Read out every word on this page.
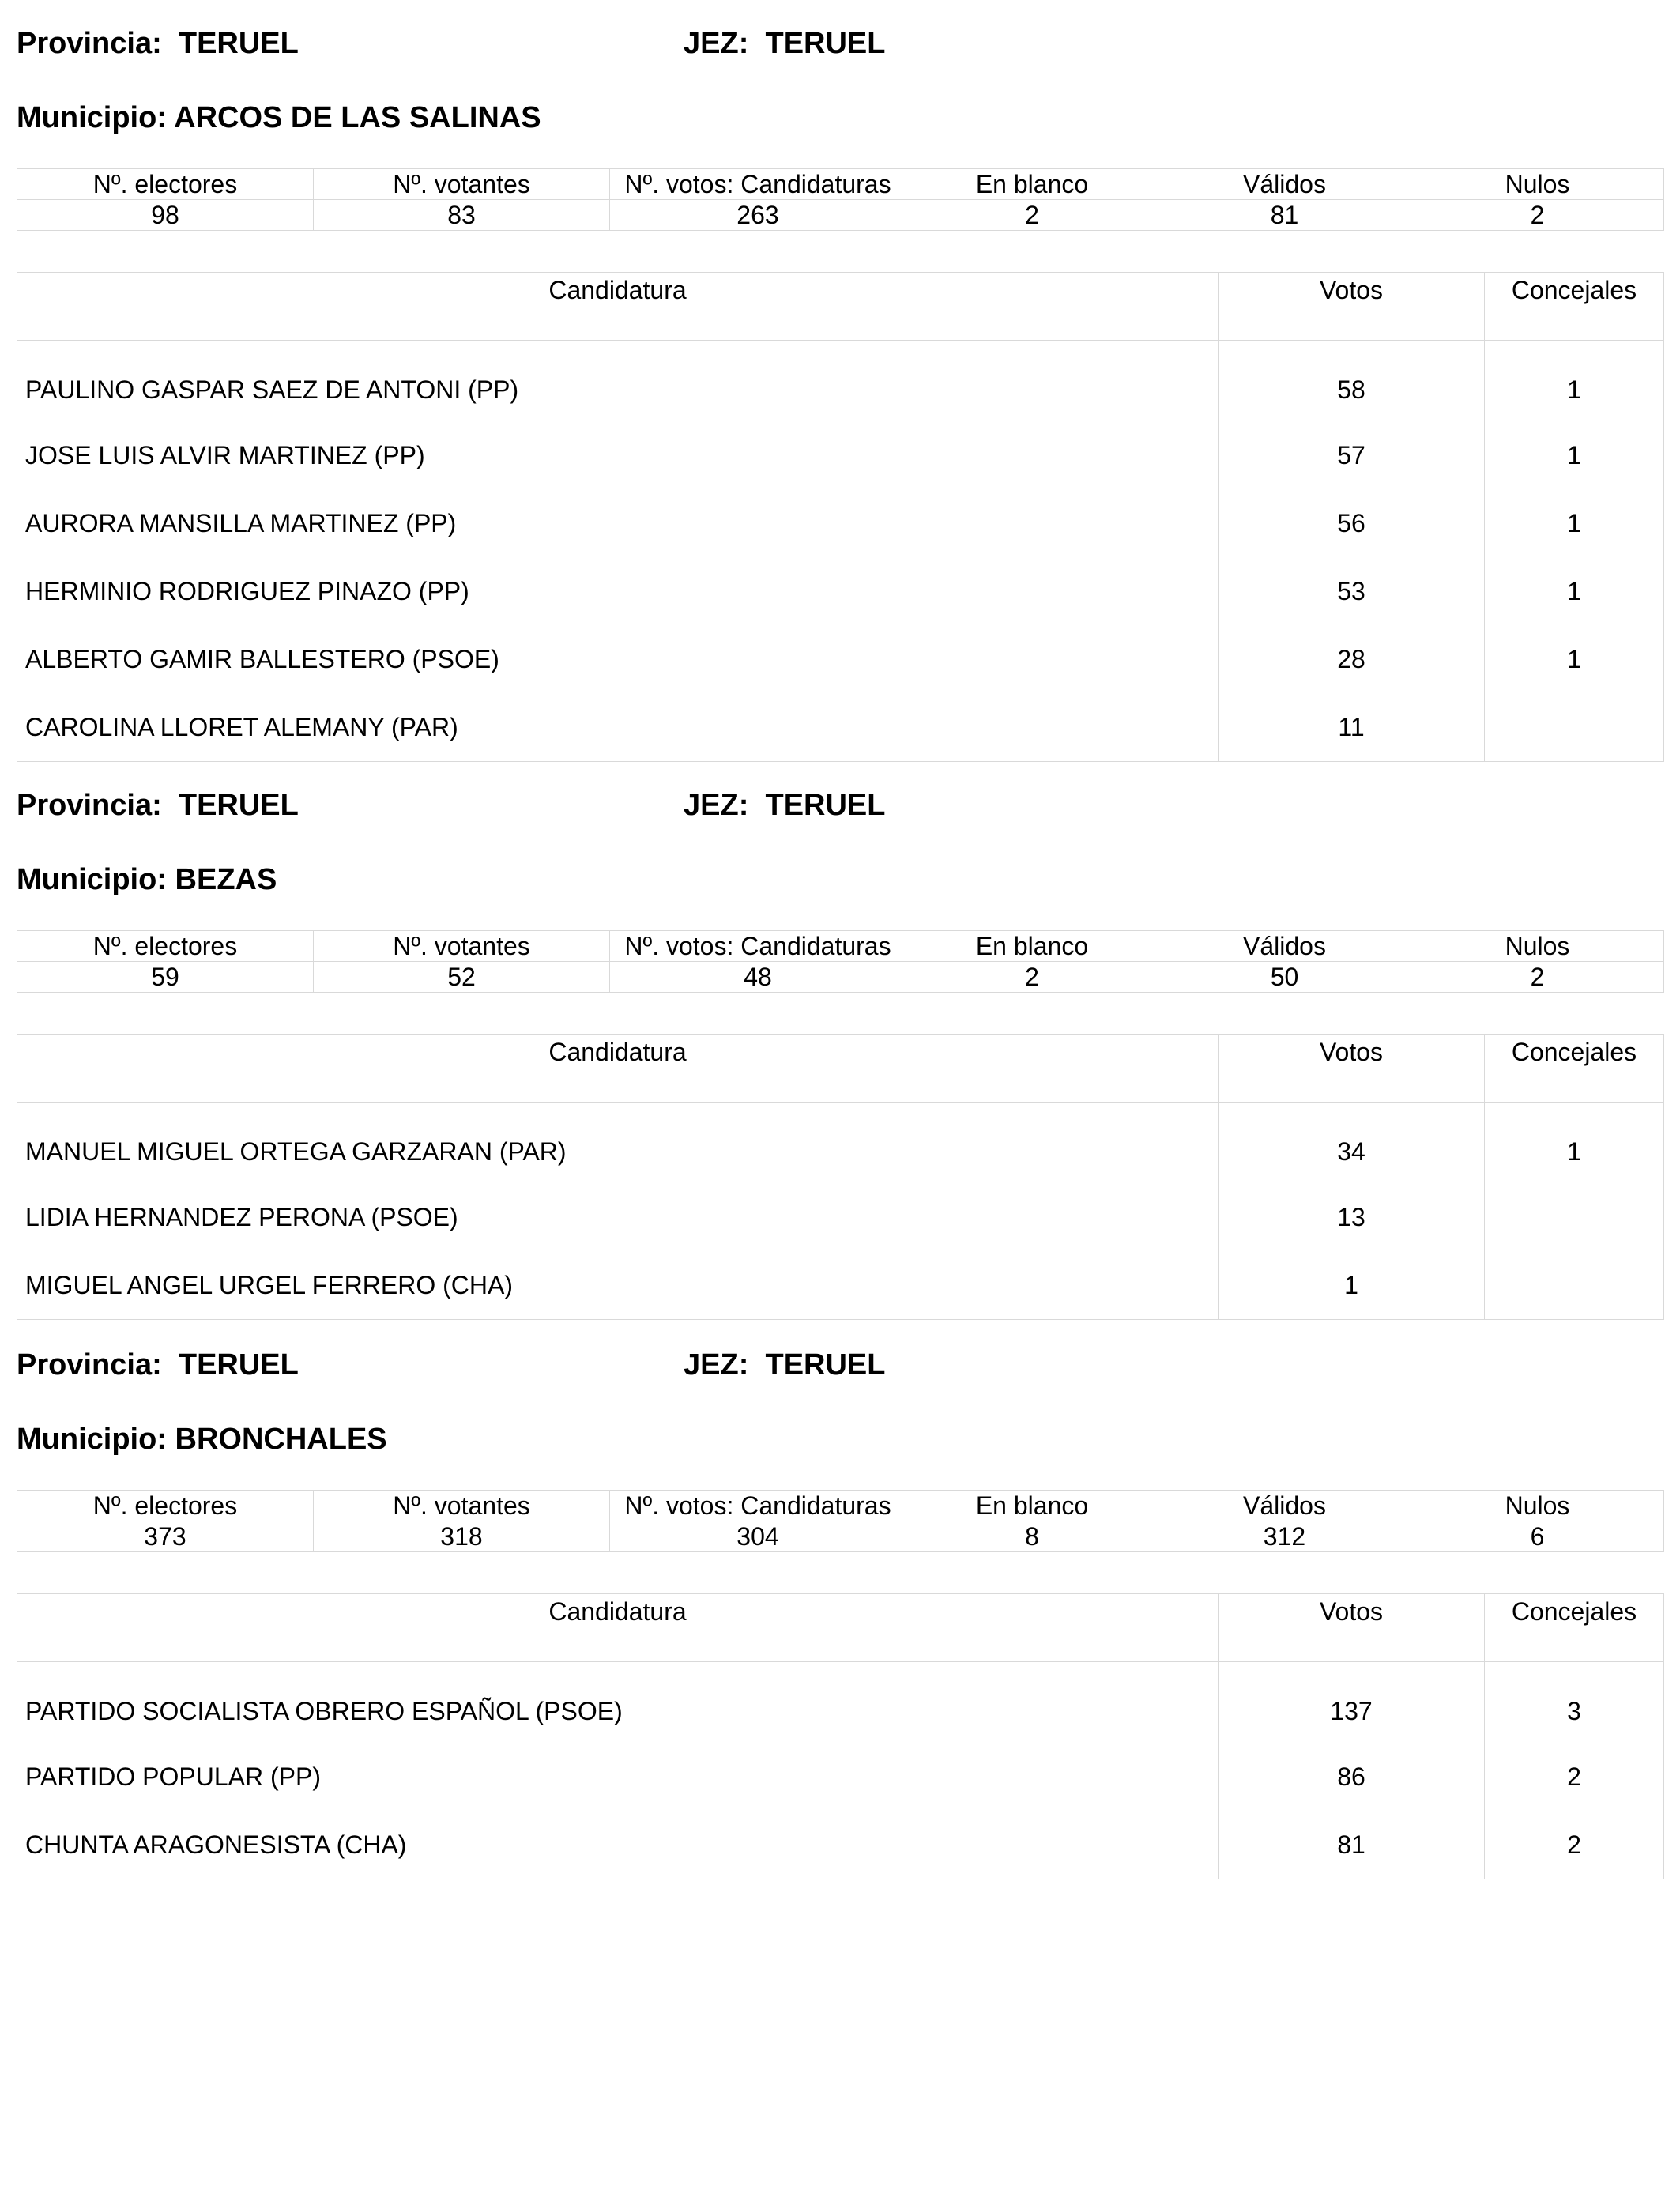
Provincia: TERUEL	JEZ: TERUEL
Municipio: ARCOS DE LAS SALINAS
Nº. electores	Nº. votantes	Nº. votos: Candidaturas	En blanco	Válidos	Nulos
98	83	263	2	81	2
Candidatura	Votos	Concejales
PAULINO GASPAR SAEZ DE ANTONI (PP)	58	1
JOSE LUIS ALVIR MARTINEZ (PP)	57	1
AURORA MANSILLA MARTINEZ (PP)	56	1
HERMINIO RODRIGUEZ PINAZO (PP)	53	1
ALBERTO GAMIR BALLESTERO (PSOE)	28	1
CAROLINA LLORET ALEMANY (PAR)	11	
Provincia: TERUEL	JEZ: TERUEL
Municipio: BEZAS
Nº. electores	Nº. votantes	Nº. votos: Candidaturas	En blanco	Válidos	Nulos
59	52	48	2	50	2
Candidatura	Votos	Concejales
MANUEL MIGUEL ORTEGA GARZARAN (PAR)	34	1
LIDIA HERNANDEZ PERONA (PSOE)	13	
MIGUEL ANGEL URGEL FERRERO (CHA)	1	
Provincia: TERUEL	JEZ: TERUEL
Municipio: BRONCHALES
Nº. electores	Nº. votantes	Nº. votos: Candidaturas	En blanco	Válidos	Nulos
373	318	304	8	312	6
Candidatura	Votos	Concejales
PARTIDO SOCIALISTA OBRERO ESPAÑOL (PSOE)	137	3
PARTIDO POPULAR (PP)	86	2
CHUNTA ARAGONESISTA (CHA)	81	2
